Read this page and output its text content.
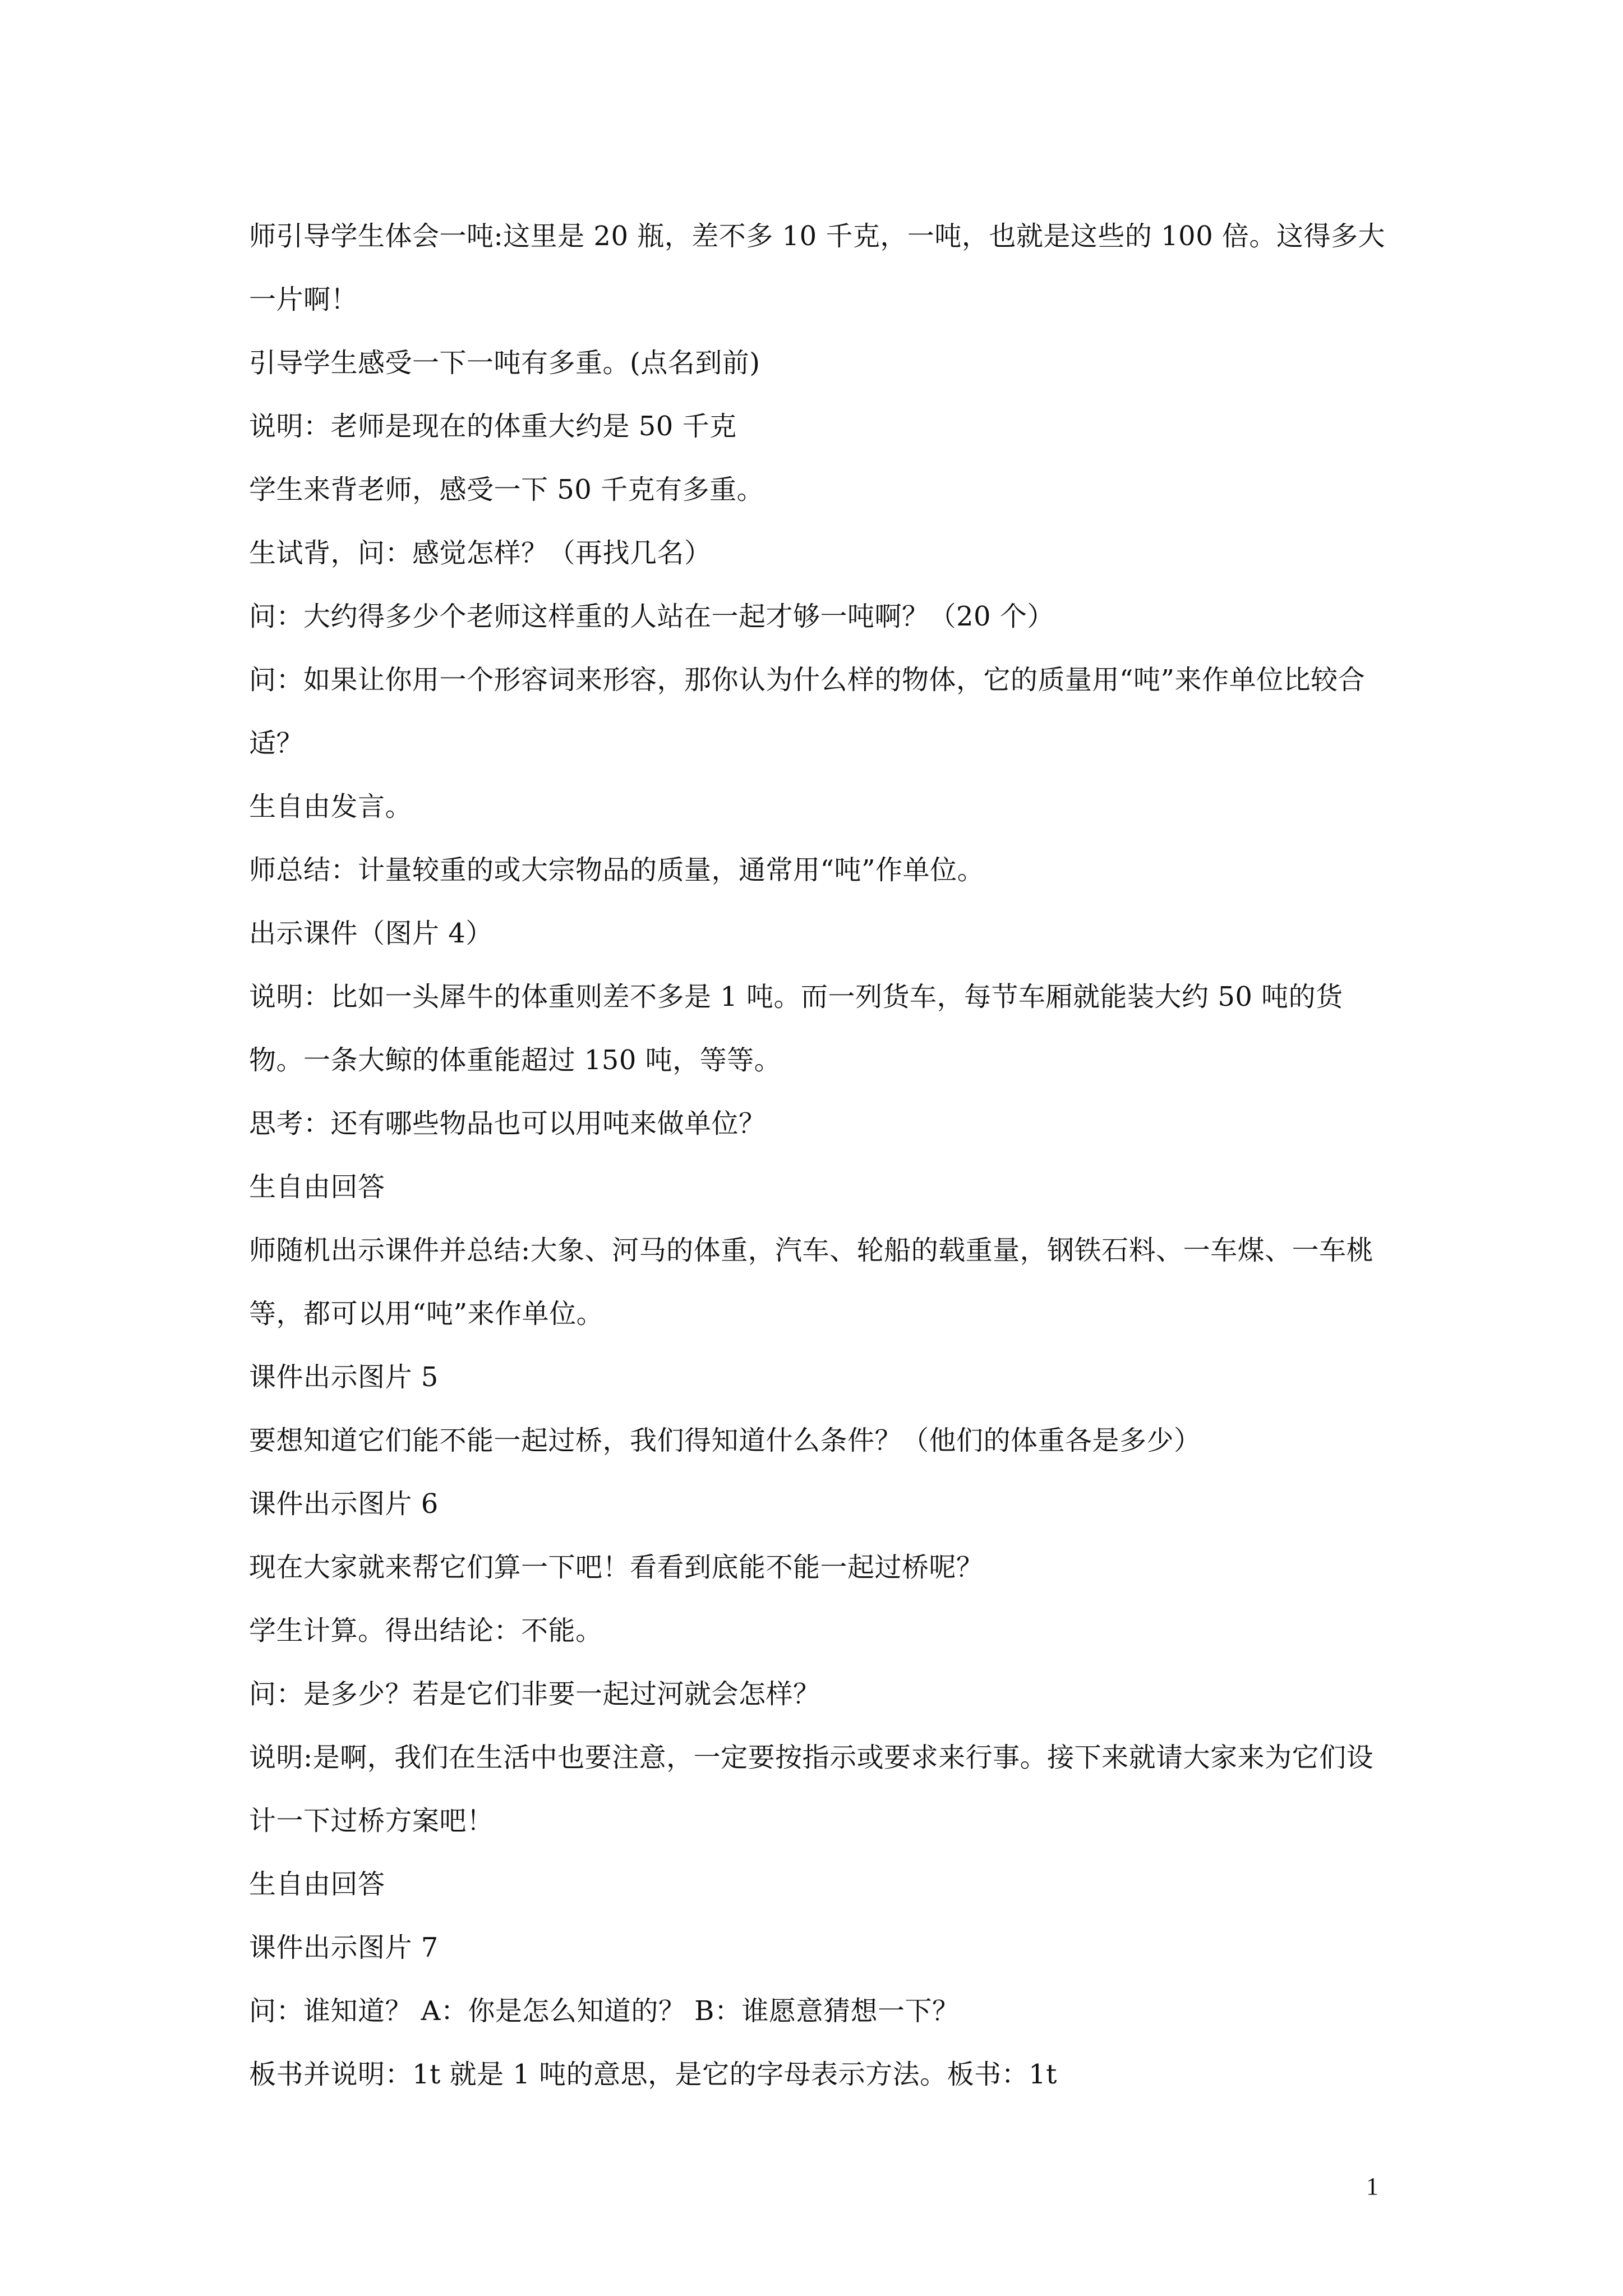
师引导学生体会一吨:这里是 20 瓶，差不多 10 千克，一吨，也就是这些的 100 倍。这得多大一片啊！

引导学生感受一下一吨有多重。(点名到前)

说明：老师是现在的体重大约是 50 千克

学生来背老师，感受一下 50 千克有多重。

生试背，问：感觉怎样？（再找几名）

问：大约得多少个老师这样重的人站在一起才够一吨啊？（20 个）

问：如果让你用一个形容词来形容，那你认为什么样的物体，它的质量用“吨”来作单位比较合适？

生自由发言。

师总结：计量较重的或大宗物品的质量，通常用“吨”作单位。

出示课件（图片 4）

说明：比如一头犀牛的体重则差不多是 1 吨。而一列货车，每节车厢就能装大约 50 吨的货物。一条大鲸的体重能超过 150 吨，等等。

思考：还有哪些物品也可以用吨来做单位？

生自由回答

师随机出示课件并总结:大象、河马的体重，汽车、轮船的载重量，钢铁石料、一车煤、一车桃等，都可以用“吨”来作单位。

课件出示图片 5

要想知道它们能不能一起过桥，我们得知道什么条件？（他们的体重各是多少）

课件出示图片 6

现在大家就来帮它们算一下吧！看看到底能不能一起过桥呢？

学生计算。得出结论：不能。

问：是多少？若是它们非要一起过河就会怎样？

说明:是啊，我们在生活中也要注意，一定要按指示或要求来行事。接下来就请大家来为它们设计一下过桥方案吧！

生自由回答

课件出示图片 7

问：谁知道？ A：你是怎么知道的？ B：谁愿意猜想一下？

板书并说明：1t 就是 1 吨的意思，是它的字母表示方法。板书：1t

1
